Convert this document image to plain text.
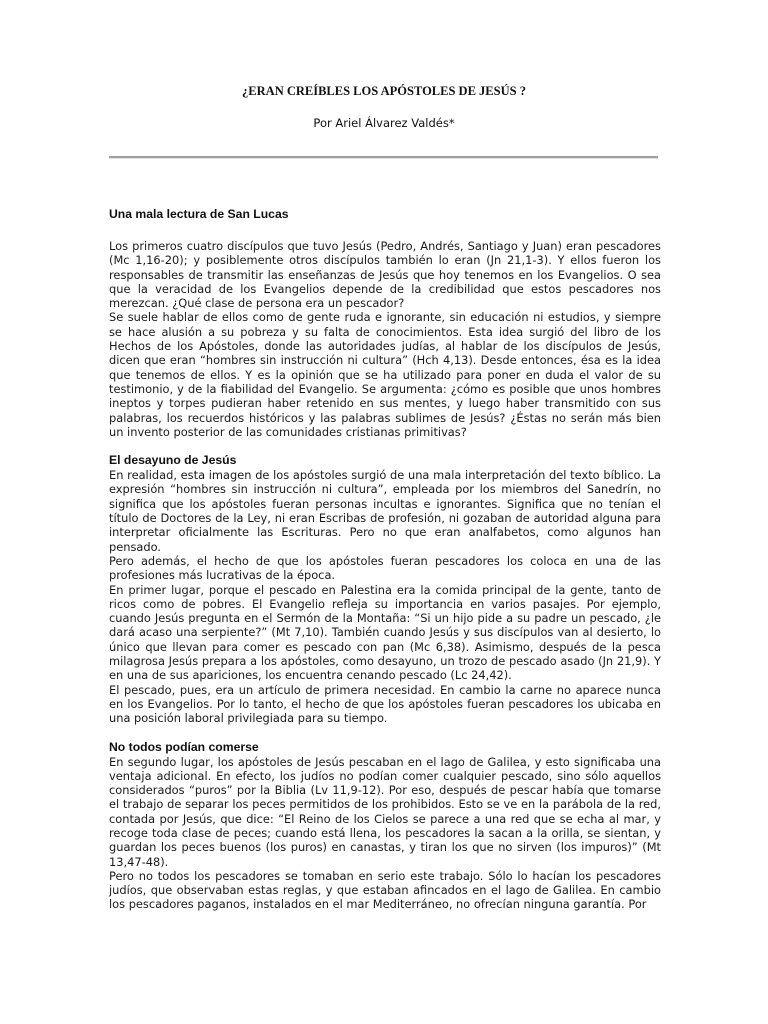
¿ERAN CREÍBLES LOS APÓSTOLES DE JESÚS ?

Por Ariel Álvarez Valdés*

Una mala lectura de San Lucas

Los primeros cuatro discípulos que tuvo Jesús (Pedro, Andrés, Santiago y Juan) eran pescadores (Mc 1,16-20); y posiblemente otros discípulos también lo eran (Jn 21,1-3). Y ellos fueron los responsables de transmitir las enseñanzas de Jesús que hoy tenemos en los Evangelios. O sea que la veracidad de los Evangelios depende de la credibilidad que estos pescadores nos merezcan. ¿Qué clase de persona era un pescador?

Se suele hablar de ellos como de gente ruda e ignorante, sin educación ni estudios, y siempre se hace alusión a su pobreza y su falta de conocimientos. Esta idea surgió del libro de los Hechos de los Apóstoles, donde las autoridades judías, al hablar de los discípulos de Jesús, dicen que eran “hombres sin instrucción ni cultura” (Hch 4,13). Desde entonces, ésa es la idea que tenemos de ellos. Y es la opinión que se ha utilizado para poner en duda el valor de su testimonio, y de la fiabilidad del Evangelio. Se argumenta: ¿cómo es posible que unos hombres ineptos y torpes pudieran haber retenido en sus mentes, y luego haber transmitido con sus palabras, los recuerdos históricos y las palabras sublimes de Jesús? ¿Éstas no serán más bien un invento posterior de las comunidades cristianas primitivas?

El desayuno de Jesús

En realidad, esta imagen de los apóstoles surgió de una mala interpretación del texto bíblico. La expresión “hombres sin instrucción ni cultura”, empleada por los miembros del Sanedrín, no significa que los apóstoles fueran personas incultas e ignorantes. Significa que no tenían el título de Doctores de la Ley, ni eran Escribas de profesión, ni gozaban de autoridad alguna para interpretar oficialmente las Escrituras. Pero no que eran analfabetos, como algunos han pensado.

Pero además, el hecho de que los apóstoles fueran pescadores los coloca en una de las profesiones más lucrativas de la época.

En primer lugar, porque el pescado en Palestina era la comida principal de la gente, tanto de ricos como de pobres. El Evangelio refleja su importancia en varios pasajes. Por ejemplo, cuando Jesús pregunta en el Sermón de la Montaña: “Si un hijo pide a su padre un pescado, ¿le dará acaso una serpiente?” (Mt 7,10). También cuando Jesús y sus discípulos van al desierto, lo único que llevan para comer es pescado con pan (Mc 6,38). Asimismo, después de la pesca milagrosa Jesús prepara a los apóstoles, como desayuno, un trozo de pescado asado (Jn 21,9). Y en una de sus apariciones, los encuentra cenando pescado (Lc 24,42).

El pescado, pues, era un artículo de primera necesidad. En cambio la carne no aparece nunca en los Evangelios. Por lo tanto, el hecho de que los apóstoles fueran pescadores los ubicaba en una posición laboral privilegiada para su tiempo.

No todos podían comerse

En segundo lugar, los apóstoles de Jesús pescaban en el lago de Galilea, y esto significaba una ventaja adicional. En efecto, los judíos no podían comer cualquier pescado, sino sólo aquellos considerados “puros” por la Biblia (Lv 11,9-12). Por eso, después de pescar había que tomarse el trabajo de separar los peces permitidos de los prohibidos. Esto se ve en la parábola de la red, contada por Jesús, que dice: “El Reino de los Cielos se parece a una red que se echa al mar, y recoge toda clase de peces; cuando está llena, los pescadores la sacan a la orilla, se sientan, y guardan los peces buenos (los puros) en canastas, y tiran los que no sirven (los impuros)” (Mt 13,47-48).

Pero no todos los pescadores se tomaban en serio este trabajo. Sólo lo hacían los pescadores judíos, que observaban estas reglas, y que estaban afincados en el lago de Galilea. En cambio los pescadores paganos, instalados en el mar Mediterráneo, no ofrecían ninguna garantía. Por
